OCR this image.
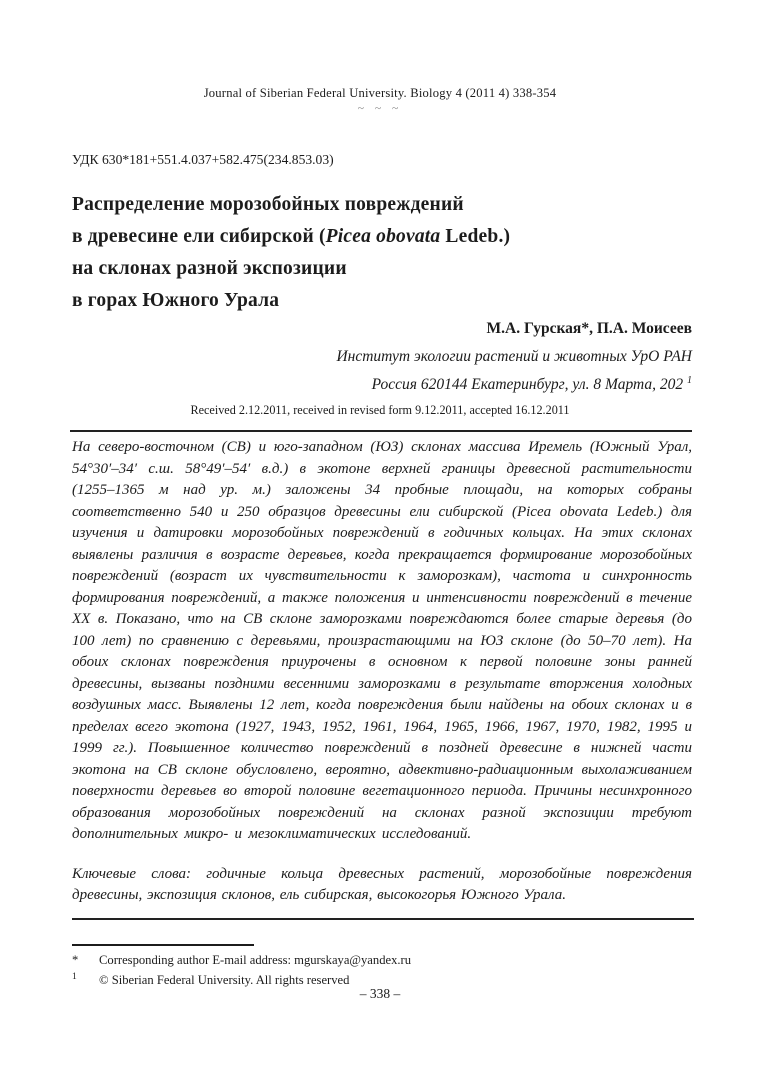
Journal of Siberian Federal University. Biology 4 (2011 4) 338-354
~ ~ ~
УДК 630*181+551.4.037+582.475(234.853.03)
Распределение морозобойных повреждений
в древесине ели сибирской (Picea obovata Ledeb.)
на склонах разной экспозиции
в горах Южного Урала
М.А. Гурская*, П.А. Моисеев
Институт экологии растений и животных УрО РАН
Россия 620144 Екатеринбург, ул. 8 Марта, 202 $^1$
Received 2.12.2011, received in revised form 9.12.2011, accepted 16.12.2011

На северо-восточном (СВ) и юго-западном (ЮЗ) склонах массива Иремель (Южный Урал, 54°30′–34′ с.ш. 58°49′–54′ в.д.) в экотоне верхней границы древесной растительности (1255–1365 м над ур. м.) заложены 34 пробные площади, на которых собраны соответственно 540 и 250 образцов древесины ели сибирской (Picea obovata Ledeb.) для изучения и датировки морозобойных повреждений в годичных кольцах. На этих склонах выявлены различия в возрасте деревьев, когда прекращается формирование морозобойных повреждений (возраст их чувствительности к заморозкам), частота и синхронность формирования повреждений, а также положения и интенсивности повреждений в течение XX в. Показано, что на СВ склоне заморозками повреждаются более старые деревья (до 100 лет) по сравнению с деревьями, произрастающими на ЮЗ склоне (до 50–70 лет). На обоих склонах повреждения приурочены в основном к первой половине зоны ранней древесины, вызваны поздними весенними заморозками в результате вторжения холодных воздушных масс. Выявлены 12 лет, когда повреждения были найдены на обоих склонах и в пределах всего экотона (1927, 1943, 1952, 1961, 1964, 1965, 1966, 1967, 1970, 1982, 1995 и 1999 гг.). Повышенное количество повреждений в поздней древесине в нижней части экотона на СВ склоне обусловлено, вероятно, адвективно-радиационным выхолаживанием поверхности деревьев во второй половине вегетационного периода. Причины несинхронного образования морозобойных повреждений на склонах разной экспозиции требуют дополнительных микро- и мезоклиматических исследований.

Ключевые слова: годичные кольца древесных растений, морозобойные повреждения древесины, экспозиция склонов, ель сибирская, высокогорья Южного Урала.

*	Corresponding author E-mail address: mgurskaya@yandex.ru
1	© Siberian Federal University. All rights reserved
– 338 –
